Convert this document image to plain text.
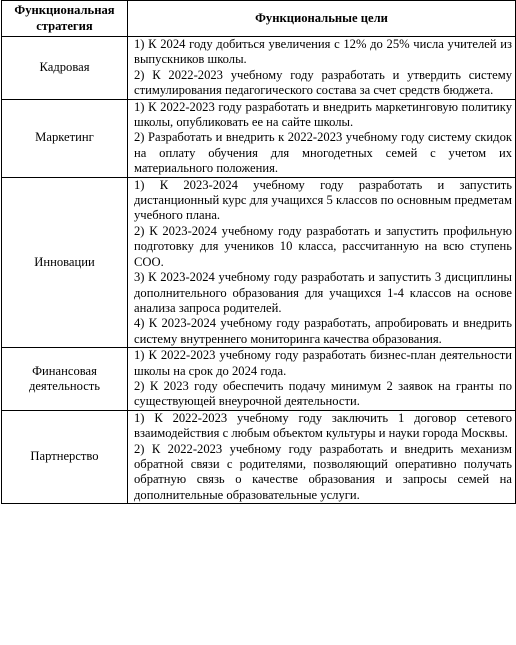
Функциональная стратегия	Функциональные цели
Кадровая	1) К 2024 году добиться увеличения с 12% до 25% числа учителей из выпускников школы.
2) К 2022-2023 учебному году разработать и утвердить систему стимулирования педагогического состава за счет средств бюджета.

Маркетинг	1) К 2022-2023 году разработать и внедрить маркетинговую политику школы, опубликовать ее на сайте школы.
2) Разработать и внедрить к 2022-2023 учебному году систему скидок на оплату обучения для многодетных семей с учетом их материального положения.

Инновации	1) К 2023-2024 учебному году разработать и запустить дистанционный курс для учащихся 5 классов по основным предметам учебного плана.
2) К 2023-2024 учебному году разработать и запустить профильную подготовку для учеников 10 класса, рассчитанную на всю ступень СОО.
3) К 2023-2024 учебному году разработать и запустить 3 дисциплины дополнительного образования для учащихся 1-4 классов на основе анализа запроса родителей.
4) К 2023-2024 учебному году разработать, апробировать и внедрить систему внутреннего мониторинга качества образования.

Финансовая деятельность	1) К 2022-2023 учебному году разработать бизнес-план деятельности школы на срок до 2024 года.
2) К 2023 году обеспечить подачу минимум 2 заявок на гранты по существующей внеурочной деятельности.

Партнерство	1) К 2022-2023 учебному году заключить 1 договор сетевого взаимодействия с любым объектом культуры и науки города Москвы.
2) К 2022-2023 учебному году разработать и внедрить механизм обратной связи с родителями, позволяющий оперативно получать обратную связь о качестве образования и запросы семей на дополнительные образовательные услуги.
